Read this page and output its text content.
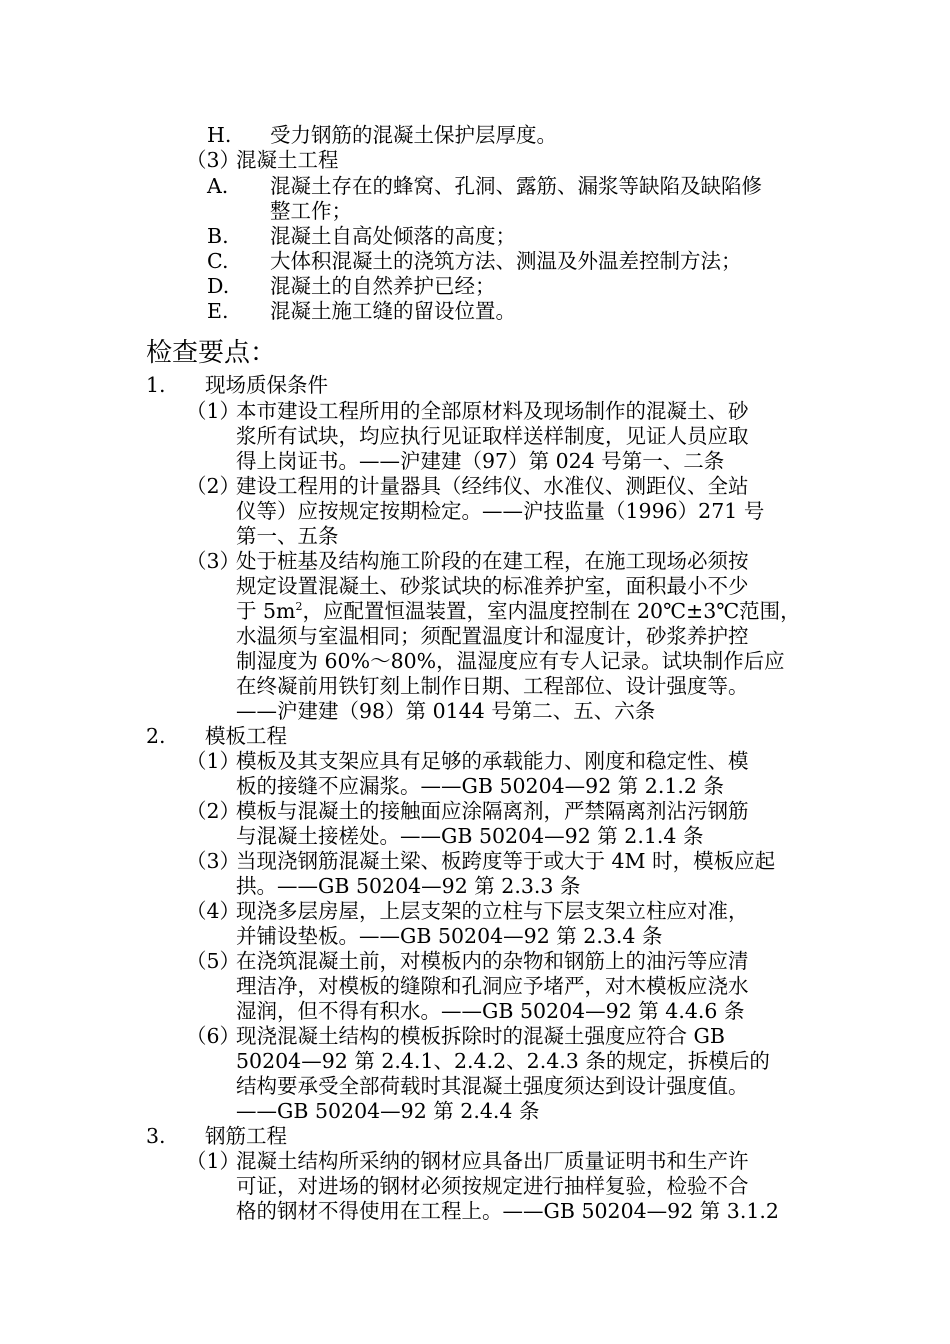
H. 受力钢筋的混凝土保护层厚度。
（3）
混凝土工程
A. 混凝土存在的蜂窝、孔洞、露筋、漏浆等缺陷及缺陷修
整工作；
B. 混凝土自高处倾落的高度；
C. 大体积混凝土的浇筑方法、测温及外温差控制方法；
D. 混凝土的自然养护已经；
E. 混凝土施工缝的留设位置。
检查要点：
1. 现场质保条件
（1）
本市建设工程所用的全部原材料及现场制作的混凝土、砂
浆所有试块，均应执行见证取样送样制度，见证人员应取
得上岗证书。——沪建建（97）第 024 号第一、二条
（2）
建设工程用的计量器具（经纬仪、水准仪、测距仪、全站
仪等）应按规定按期检定。——沪技监量（1996）271 号
第一、五条
（3）
处于桩基及结构施工阶段的在建工程，在施工现场必须按
规定设置混凝土、砂浆试块的标准养护室，面积最小不少
于 $5m^2$，应配置恒温装置，室内温度控制在 20℃±3℃范围，
水温须与室温相同；须配置温度计和湿度计，砂浆养护控
制湿度为 60%～80%，温湿度应有专人记录。试块制作后应
在终凝前用铁钉刻上制作日期、工程部位、设计强度等。
——沪建建（98）第 0144 号第二、五、六条
2. 模板工程
（1）
模板及其支架应具有足够的承载能力、刚度和稳定性、模
板的接缝不应漏浆。——GB 50204—92 第 2.1.2 条
（2）
模板与混凝土的接触面应涂隔离剂，严禁隔离剂沾污钢筋
与混凝土接槎处。——GB 50204—92 第 2.1.4 条
（3）
当现浇钢筋混凝土梁、板跨度等于或大于 4M 时，模板应起
拱。——GB 50204—92 第 2.3.3 条
（4）
现浇多层房屋，上层支架的立柱与下层支架立柱应对准，
并铺设垫板。——GB 50204—92 第 2.3.4 条
（5）
在浇筑混凝土前，对模板内的杂物和钢筋上的油污等应清
理洁净，对模板的缝隙和孔洞应予堵严，对木模板应浇水
湿润，但不得有积水。——GB 50204—92 第 4.4.6 条
（6）
现浇混凝土结构的模板拆除时的混凝土强度应符合 GB
50204—92 第 2.4.1、2.4.2、2.4.3 条的规定，拆模后的
结构要承受全部荷载时其混凝土强度须达到设计强度值。
——GB 50204—92 第 2.4.4 条
3. 钢筋工程
（1）
混凝土结构所采纳的钢材应具备出厂质量证明书和生产许
可证，对进场的钢材必须按规定进行抽样复验，检验不合
格的钢材不得使用在工程上。——GB 50204—92 第 3.1.2
